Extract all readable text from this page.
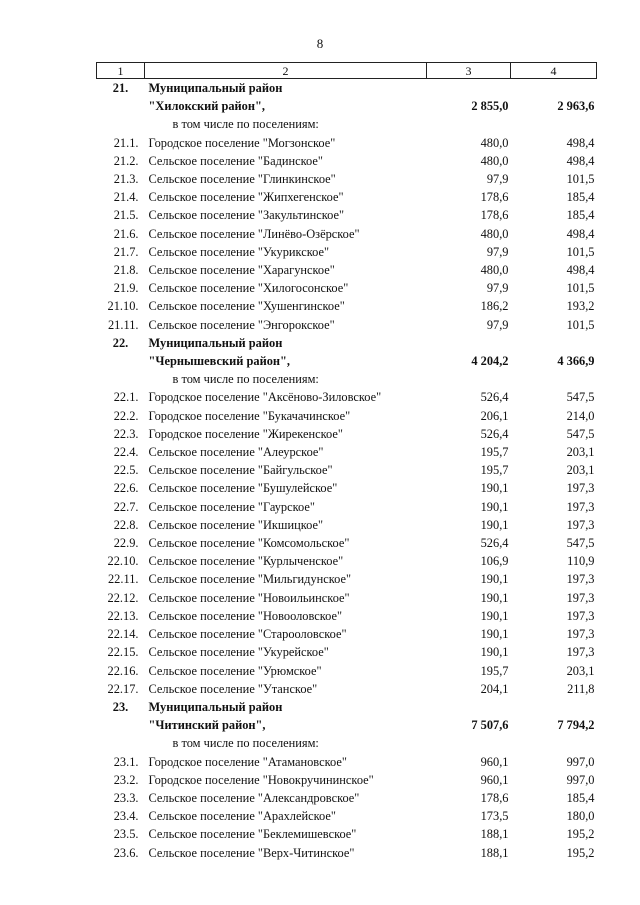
8
1	2	3	4
21.	Муниципальный район		
	"Хилокский район",	2 855,0	2 963,6
	в том числе по поселениям:		
21.1.	Городское поселение "Могзонское"	480,0	498,4
21.2.	Сельское поселение "Бадинское"	480,0	498,4
21.3.	Сельское поселение "Глинкинское"	97,9	101,5
21.4.	Сельское поселение "Жипхегенское"	178,6	185,4
21.5.	Сельское поселение "Закультинское"	178,6	185,4
21.6.	Сельское поселение "Линёво-Озёрское"	480,0	498,4
21.7.	Сельское поселение "Укурикское"	97,9	101,5
21.8.	Сельское поселение "Харагунское"	480,0	498,4
21.9.	Сельское поселение "Хилогосонское"	97,9	101,5
21.10.	Сельское поселение "Хушенгинское"	186,2	193,2
21.11.	Сельское поселение "Энгорокское"	97,9	101,5
22.	Муниципальный район		
	"Чернышевский район",	4 204,2	4 366,9
	в том числе по поселениям:		
22.1.	Городское поселение "Аксёново-Зиловское"	526,4	547,5
22.2.	Городское поселение "Букачачинское"	206,1	214,0
22.3.	Городское поселение "Жирекенское"	526,4	547,5
22.4.	Сельское поселение "Алеурское"	195,7	203,1
22.5.	Сельское поселение "Байгульское"	195,7	203,1
22.6.	Сельское поселение "Бушулейское"	190,1	197,3
22.7.	Сельское поселение "Гаурское"	190,1	197,3
22.8.	Сельское поселение "Икшицкое"	190,1	197,3
22.9.	Сельское поселение "Комсомольское"	526,4	547,5
22.10.	Сельское поселение "Курлыченское"	106,9	110,9
22.11.	Сельское поселение "Мильгидунское"	190,1	197,3
22.12.	Сельское поселение "Новоильинское"	190,1	197,3
22.13.	Сельское поселение "Новооловское"	190,1	197,3
22.14.	Сельское поселение "Старооловское"	190,1	197,3
22.15.	Сельское поселение "Укурейское"	190,1	197,3
22.16.	Сельское поселение "Урюмское"	195,7	203,1
22.17.	Сельское поселение "Утанское"	204,1	211,8
23.	Муниципальный район		
	"Читинский район",	7 507,6	7 794,2
	в том числе по поселениям:		
23.1.	Городское поселение "Атамановское"	960,1	997,0
23.2.	Городское поселение "Новокручининское"	960,1	997,0
23.3.	Сельское поселение "Александровское"	178,6	185,4
23.4.	Сельское поселение "Арахлейское"	173,5	180,0
23.5.	Сельское поселение "Беклемишевское"	188,1	195,2
23.6.	Сельское поселение "Верх-Читинское"	188,1	195,2
